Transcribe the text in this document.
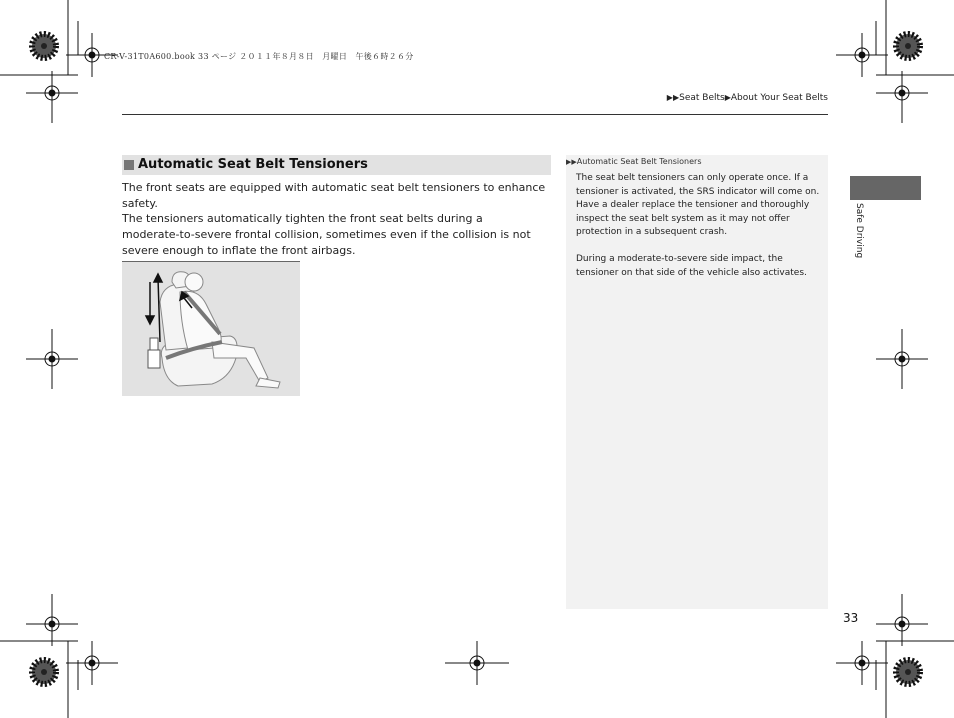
CR-V-31T0A600.book 33 ページ ２０１１年８月８日　月曜日　午後６時２６分
▶▶Seat Belts▶About Your Seat Belts
Automatic Seat Belt Tensioners
The front seats are equipped with automatic seat belt tensioners to enhance safety.
The tensioners automatically tighten the front seat belts during a moderate-to-severe frontal collision, sometimes even if the collision is not severe enough to inflate the front airbags.
▶▶Automatic Seat Belt Tensioners
The seat belt tensioners can only operate once. If a tensioner is activated, the SRS indicator will come on. Have a dealer replace the tensioner and thoroughly inspect the seat belt system as it may not offer protection in a subsequent crash.
During a moderate-to-severe side impact, the tensioner on that side of the vehicle also activates.
Safe Driving
33
